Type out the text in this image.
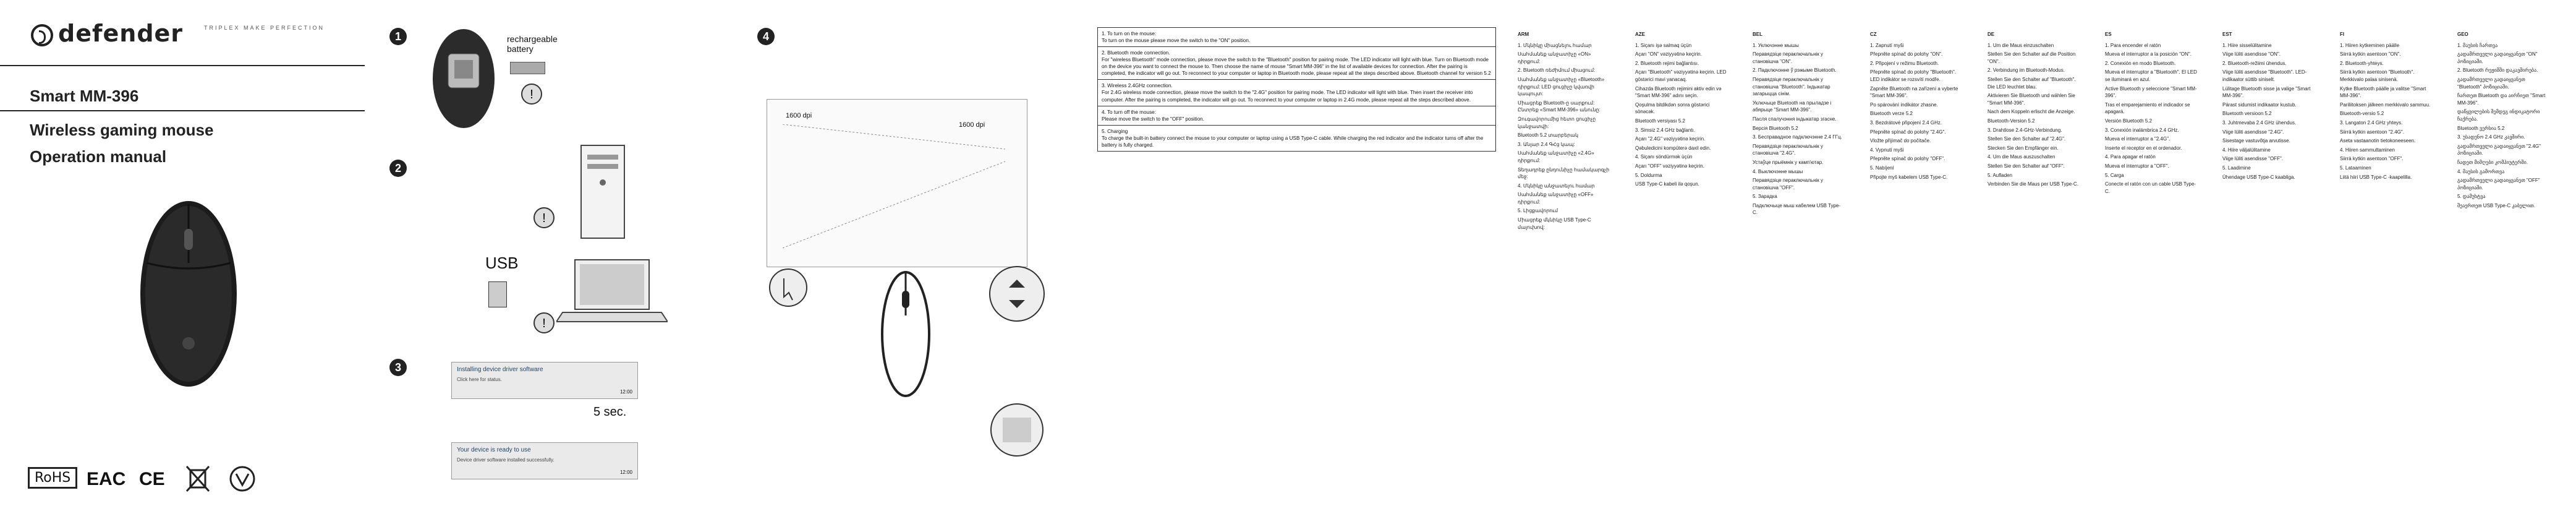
defender	TRIPLEX MAKE PERFECTION
Smart MM-396
Wireless gaming mouse
Operation manual
RoHS EAC CE
1	rechargeable battery
!
2
!
USB
!
3	Installing device driver software
Click here for status.
12:00
5 sec.
Your device is ready to use
Device driver software installed successfully.
12:00
4
1600 dpi
1600 dpi
1. To turn on the mouse:
To turn on the mouse please move the switch to the "ON" position.
2. Bluetooth mode connection.
For "wireless Bluetooth" mode connection, please move the switch to the "Bluetooth" position for pairing mode. The LED indicator will light with blue. Turn on Bluetooth mode on the device you want to connect the mouse to. Then choose the name of mouse "Smart MM-396" in the list of available devices for connection. After the pairing is completed, the indicator will go out. To reconnect to your computer or laptop in Bluetooth mode, please repeat all the steps described above. Bluetooth channel for version 5.2
3. Wireless 2.4GHz connection.
For 2.4G wireless mode connection, please move the switch to the "2.4G" position for pairing mode. The LED indicator will light with blue. Then insert the receiver into computer. After the pairing is completed, the indicator will go out. To reconnect to your computer or laptop in 2.4G mode, please repeat all the steps described above.
4. To turn off the mouse:
Please move the switch to the "OFF" position.
5. Charging
To charge the built-in battery connect the mouse to your computer or laptop using a USB Type-C cable. While charging the red indicator and the indicator turns off after the battery is fully charged.
ARM

1. Մկնիկը միացնելու համար

Սահմանեք անջատիչը «ON» դիրքում:

2. Bluetooth ռեժիմում միացում:

Սահմանեք անջատիչը «Bluetooth» դիրքում: LED ցուցիչը կվառվի կապույտ:

Միացրեք Bluetooth-ը սարքում: Ընտրեք «Smart MM-396» անունը:

Զուգավորումից հետո ցուցիչը կանջատվի:

Bluetooth 5.2 տարբերակ

3. Անլար 2.4 ԳՀց կապ:

Սահմանեք անջատիչը «2.4G» դիրքում:

Տեղադրեք ընդունիչը համակարգչի մեջ:

4. Մկնիկը անջատելու համար

Սահմանեք անջատիչը «OFF» դիրքում:

5. Լիցքավորում

Միացրեք մկնիկը USB Type-C մալուխով:

AZE

1. Siçanı işə salmaq üçün

Açarı "ON" vəziyyətinə keçirin.

2. Bluetooth rejimi bağlantısı.

Açarı "Bluetooth" vəziyyətinə keçirin. LED göstərici mavi yanacaq.

Cihazda Bluetooth rejimini aktiv edin və "Smart MM-396" adını seçin.

Qoşulma bitdikdən sonra göstərici sönəcək.

Bluetooth versiyası 5.2

3. Simsiz 2.4 GHz bağlantı.

Açarı "2.4G" vəziyyətinə keçirin.

Qəbuledicini kompüterə daxil edin.

4. Siçanı söndürmək üçün

Açarı "OFF" vəziyyətinə keçirin.

5. Doldurma

USB Type-C kabeli ilə qoşun.

BEL

1. Уключэнне мышы

Перавядзіце пераключальнік у становішча "ON".

2. Падключэнне ў рэжыме Bluetooth.

Перавядзіце пераключальнік у становішча "Bluetooth". Індыкатар загарыцца сінім.

Уключыце Bluetooth на прыладзе і абярыце "Smart MM-396".

Пасля спалучэння індыкатар згасне.

Версія Bluetooth 5.2

3. Бесправадное падключэнне 2.4 ГГц.

Перавядзіце пераключальнік у становішча "2.4G".

Устаўце прыёмнік у камп'ютар.

4. Выключэнне мышы

Перавядзіце пераключальнік у становішча "OFF".

5. Зарадка

Падключыце мыш кабелем USB Type-C.

CZ

1. Zapnutí myši

Přepněte spínač do polohy "ON".

2. Připojení v režimu Bluetooth.

Přepněte spínač do polohy "Bluetooth". LED indikátor se rozsvítí modře.

Zapněte Bluetooth na zařízení a vyberte "Smart MM-396".

Po spárování indikátor zhasne.

Bluetooth verze 5.2

3. Bezdrátové připojení 2.4 GHz.

Přepněte spínač do polohy "2.4G".

Vložte přijímač do počítače.

4. Vypnutí myši

Přepněte spínač do polohy "OFF".

5. Nabíjení

Připojte myš kabelem USB Type-C.

DE

1. Um die Maus einzuschalten

Stellen Sie den Schalter auf die Position "ON".

2. Verbindung im Bluetooth-Modus.

Stellen Sie den Schalter auf "Bluetooth". Die LED leuchtet blau.

Aktivieren Sie Bluetooth und wählen Sie "Smart MM-396".

Nach dem Koppeln erlischt die Anzeige.

Bluetooth-Version 5.2

3. Drahtlose 2.4-GHz-Verbindung.

Stellen Sie den Schalter auf "2.4G".

Stecken Sie den Empfänger ein.

4. Um die Maus auszuschalten

Stellen Sie den Schalter auf "OFF".

5. Aufladen

Verbinden Sie die Maus per USB Type-C.

ES

1. Para encender el ratón

Mueva el interruptor a la posición "ON".

2. Conexión en modo Bluetooth.

Mueva el interruptor a "Bluetooth". El LED se iluminará en azul.

Active Bluetooth y seleccione "Smart MM-396".

Tras el emparejamiento el indicador se apagará.

Versión Bluetooth 5.2

3. Conexión inalámbrica 2.4 GHz.

Mueva el interruptor a "2.4G".

Inserte el receptor en el ordenador.

4. Para apagar el ratón

Mueva el interruptor a "OFF".

5. Carga

Conecte el ratón con un cable USB Type-C.

EST

1. Hiire sisselülitamine

Viige lüliti asendisse "ON".

2. Bluetooth-režiimi ühendus.

Viige lüliti asendisse "Bluetooth". LED-indikaator süttib siniselt.

Lülitage Bluetooth sisse ja valige "Smart MM-396".

Pärast sidumist indikaator kustub.

Bluetooth versioon 5.2

3. Juhtmevaba 2.4 GHz ühendus.

Viige lüliti asendisse "2.4G".

Sisestage vastuvõtja arvutisse.

4. Hiire väljalülitamine

Viige lüliti asendisse "OFF".

5. Laadimine

Ühendage USB Type-C kaabliga.

FI

1. Hiiren kytkeminen päälle

Siirrä kytkin asentoon "ON".

2. Bluetooth-yhteys.

Siirrä kytkin asentoon "Bluetooth". Merkkivalo palaa sinisenä.

Kytke Bluetooth päälle ja valitse "Smart MM-396".

Pariliitoksen jälkeen merkkivalo sammuu.

Bluetooth-versio 5.2

3. Langaton 2.4 GHz yhteys.

Siirrä kytkin asentoon "2.4G".

Aseta vastaanotin tietokoneeseen.

4. Hiiren sammuttaminen

Siirrä kytkin asentoon "OFF".

5. Lataaminen

Liitä hiiri USB Type-C -kaapelilla.

GEO

1. მაუსის ჩართვა

გადამრთველი გადაიყვანეთ "ON" პოზიციაში.

2. Bluetooth რეჟიმში დაკავშირება.

გადამრთველი გადაიყვანეთ "Bluetooth" პოზიციაში.

ჩართეთ Bluetooth და აირჩიეთ "Smart MM-396".

დაწყვილების შემდეგ ინდიკატორი ჩაქრება.

Bluetooth ვერსია 5.2

3. უსადენო 2.4 GHz კავშირი.

გადამრთველი გადაიყვანეთ "2.4G" პოზიციაში.

ჩადეთ მიმღები კომპიუტერში.

4. მაუსის გამორთვა

გადამრთველი გადაიყვანეთ "OFF" პოზიციაში.

5. დამუხტვა

შეაერთეთ USB Type-C კაბელით.
